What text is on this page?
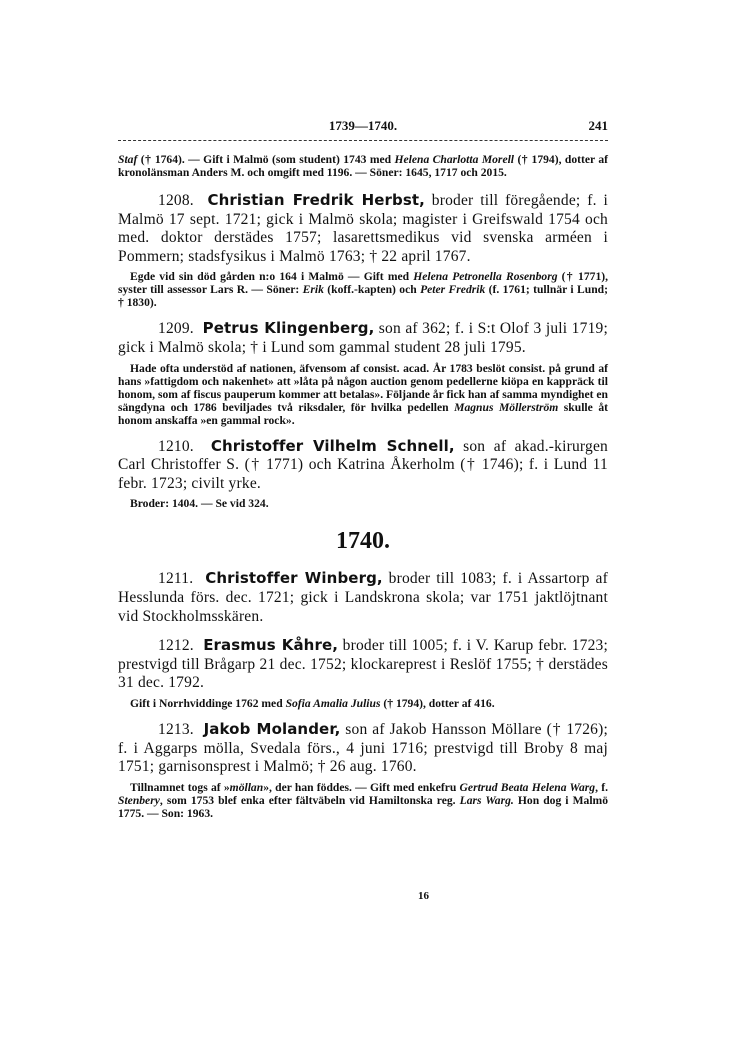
1739—1740.	241

Staf († 1764). — Gift i Malmö (som student) 1743 med Helena Charlotta Morell († 1794), dotter af kronolänsman Anders M. och omgift med 1196. — Söner: 1645, 1717 och 2015.

1208. Christian Fredrik Herbst, broder till föregående; f. i Malmö 17 sept. 1721; gick i Malmö skola; magister i Greifswald 1754 och med. doktor derstädes 1757; lasarettsmedikus vid svenska arméen i Pommern; stadsfysikus i Malmö 1763; † 22 april 1767.

Egde vid sin död gården n:o 164 i Malmö — Gift med Helena Petronella Rosenborg († 1771), syster till assessor Lars R. — Söner: Erik (koff.-kapten) och Peter Fredrik (f. 1761; tullnär i Lund; † 1830).

1209. Petrus Klingenberg, son af 362; f. i S:t Olof 3 juli 1719; gick i Malmö skola; † i Lund som gammal student 28 juli 1795.

Hade ofta understöd af nationen, äfvensom af consist. acad. År 1783 beslöt consist. på grund af hans »fattigdom och nakenhet» att »låta på någon auction genom pedellerne kiöpa en kappräck til honom, som af fiscus pauperum kommer att betalas». Följande år fick han af samma myndighet en sängdyna och 1786 beviljades två riksdaler, för hvilka pedellen Magnus Möllerström skulle åt honom anskaffa »en gammal rock».

1210. Christoffer Vilhelm Schnell, son af akad.-kirurgen Carl Christoffer S. († 1771) och Katrina Åkerholm († 1746); f. i Lund 11 febr. 1723; civilt yrke.

Broder: 1404. — Se vid 324.

1740.

1211. Christoffer Winberg, broder till 1083; f. i Assartorp af Hesslunda förs. dec. 1721; gick i Landskrona skola; var 1751 jaktlöjtnant vid Stockholmsskären.

1212. Erasmus Kåhre, broder till 1005; f. i V. Karup febr. 1723; prestvigd till Brågarp 21 dec. 1752; klockareprest i Reslöf 1755; † derstädes 31 dec. 1792.

Gift i Norrhviddinge 1762 med Sofia Amalia Julius († 1794), dotter af 416.

1213. Jakob Molander, son af Jakob Hansson Möllare († 1726); f. i Aggarps mölla, Svedala förs., 4 juni 1716; prestvigd till Broby 8 maj 1751; garnisonsprest i Malmö; † 26 aug. 1760.

Tillnamnet togs af »möllan», der han föddes. — Gift med enkefru Gertrud Beata Helena Warg, f. Stenbery, som 1753 blef enka efter fältväbeln vid Hamiltonska reg. Lars Warg. Hon dog i Malmö 1775. — Son: 1963.

16
